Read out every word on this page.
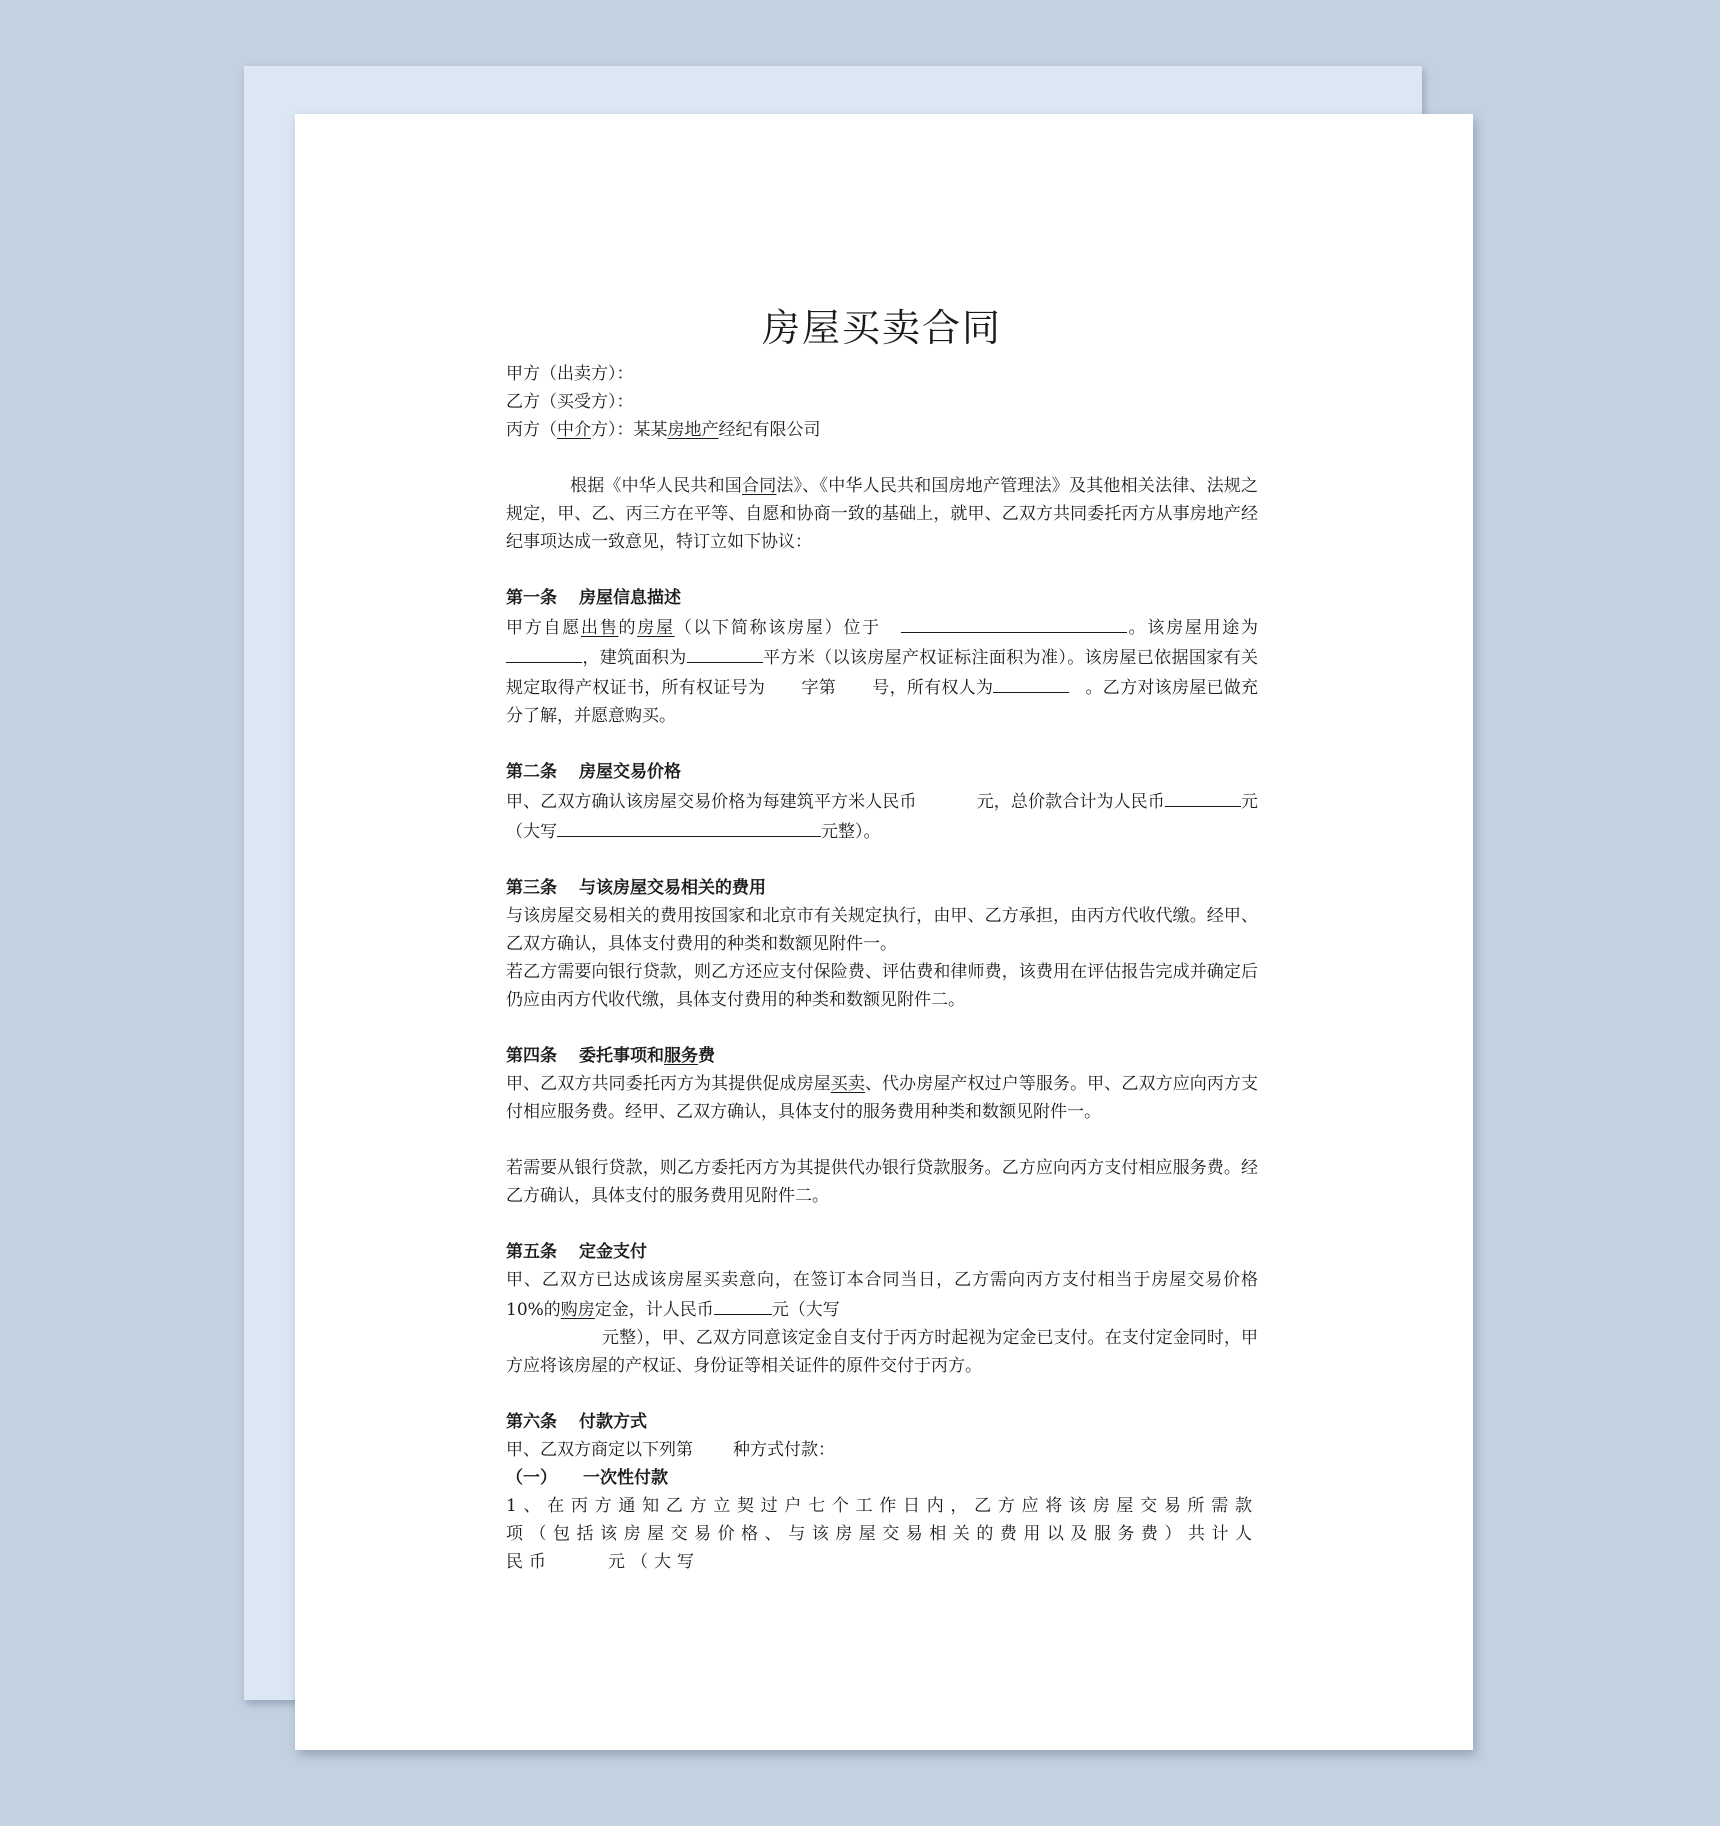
房屋买卖合同

甲方（出卖方）：

乙方（买受方）：

丙方（中介方）：某某房地产经纪有限公司

根据《中华人民共和国合同法》、《中华人民共和国房地产管理法》及其他相关法律、法规之规定，甲、乙、丙三方在平等、自愿和协商一致的基础上，就甲、乙双方共同委托丙方从事房地产经纪事项达成一致意见，特订立如下协议：

第一条 房屋信息描述

甲方自愿出售的房屋（以下简称该房屋）位于	。该房屋用途为，建筑面积为	平方米（以该房屋产权证标注面积为准）。该房屋已依据国家有关规定取得产权证书，所有权证号为 字第 号，所有权人为	。乙方对该房屋已做充分了解，并愿意购买。

第二条 房屋交易价格

甲、乙双方确认该房屋交易价格为每建筑平方米人民币	元，总价款合计为人民币	元（大写	元整）。

第三条 与该房屋交易相关的费用

与该房屋交易相关的费用按国家和北京市有关规定执行，由甲、乙方承担，由丙方代收代缴。经甲、乙双方确认，具体支付费用的种类和数额见附件一。

若乙方需要向银行贷款，则乙方还应支付保险费、评估费和律师费，该费用在评估报告完成并确定后仍应由丙方代收代缴，具体支付费用的种类和数额见附件二。

第四条 委托事项和服务费

甲、乙双方共同委托丙方为其提供促成房屋买卖、代办房屋产权过户等服务。甲、乙双方应向丙方支付相应服务费。经甲、乙双方确认，具体支付的服务费用种类和数额见附件一。

若需要从银行贷款，则乙方委托丙方为其提供代办银行贷款服务。乙方应向丙方支付相应服务费。经乙方确认，具体支付的服务费用见附件二。

第五条 定金支付

甲、乙双方已达成该房屋买卖意向，在签订本合同当日，乙方需向丙方支付相当于房屋交易价格 10%的购房定金，计人民币	元（大写
元整），甲、乙双方同意该定金自支付于丙方时起视为定金已支付。在支付定金同时，甲方应将该房屋的产权证、身份证等相关证件的原件交付于丙方。

第六条 付款方式

甲、乙双方商定以下列第 种方式付款：

（一） 一次性付款

1、在丙方通知乙方立契过户七个工作日内，乙方应将该房屋交易所需款项（包括该房屋交易价格、与该房屋交易相关的费用以及服务费）共计人民币	元（大写
